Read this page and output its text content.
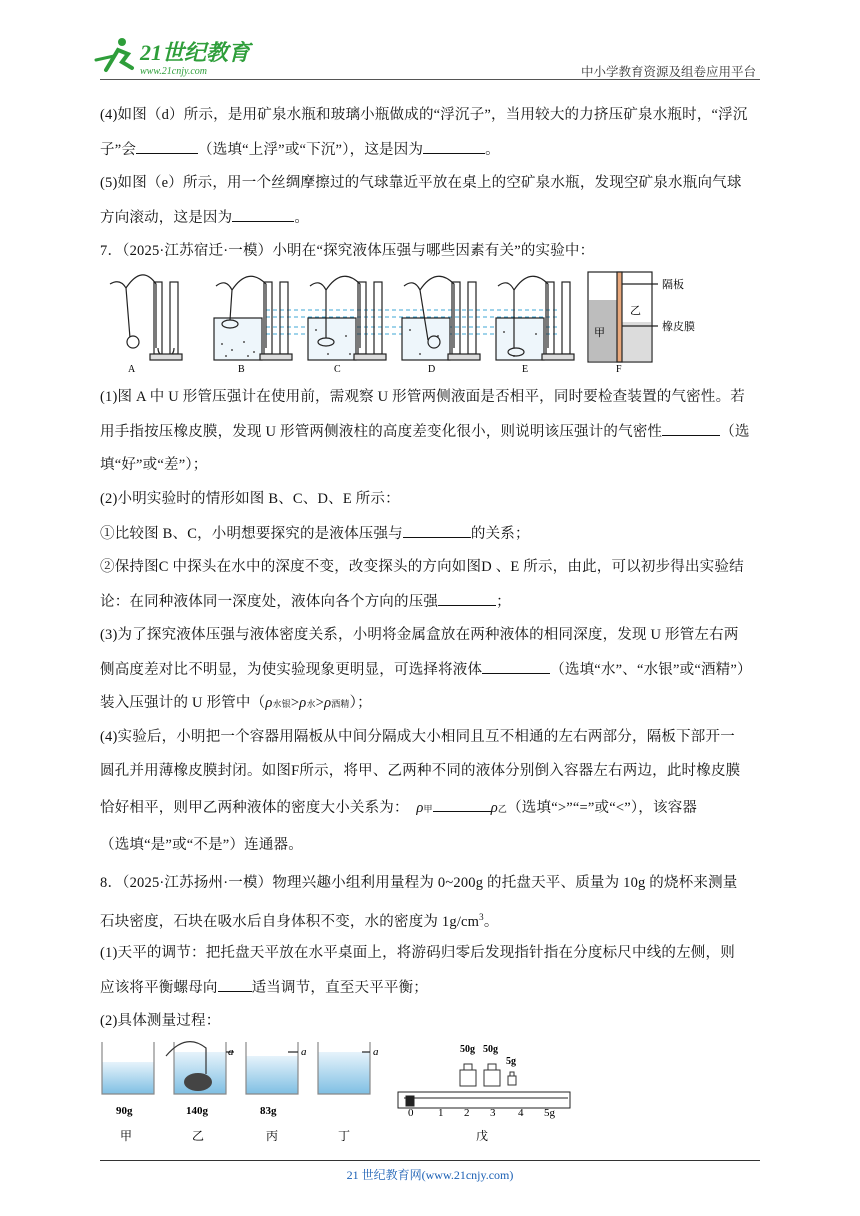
21世纪教育
www.21cnjy.com	中小学教育资源及组卷应用平台
(4)如图（d）所示，是用矿泉水瓶和玻璃小瓶做成的“浮沉子”，当用较大的力挤压矿泉水瓶时，“浮沉
子”会	（选填“上浮”或“下沉”），这是因为	。
(5)如图（e）所示，用一个丝绸摩擦过的气球靠近平放在桌上的空矿泉水瓶，发现空矿泉水瓶向气球
方向滚动，这是因为	。
7．（2025·江苏宿迁·一模）小明在“探究液体压强与哪些因素有关”的实验中：
隔板
乙
橡皮膜
甲
A	B	C	D	E	F
(1)图 A 中 U 形管压强计在使用前，需观察 U 形管两侧液面是否相平，同时要检查装置的气密性。若
用手指按压橡皮膜，发现 U 形管两侧液柱的高度差变化很小，则说明该压强计的气密性	（选
填“好”或“差”）；
(2)小明实验时的情形如图 B、C、D、E 所示：
①比较图 B、C，小明想要探究的是液体压强与	的关系；
②保持图C 中探头在水中的深度不变，改变探头的方向如图D 、E 所示，由此，可以初步得出实验结
论：在同种液体同一深度处，液体向各个方向的压强	；
(3)为了探究液体压强与液体密度关系，小明将金属盒放在两种液体的相同深度，发现 U 形管左右两
侧高度差对比不明显，为使实验现象更明显，可选择将液体	（选填“水”、“水银”或“酒精”）
装入压强计的 U 形管中（ρ水银>ρ水>ρ酒精）；
(4)实验后，小明把一个容器用隔板从中间分隔成大小相同且互不相通的左右两部分，隔板下部开一
圆孔并用薄橡皮膜封闭。如图F所示，将甲、乙两种不同的液体分别倒入容器左右两边，此时橡皮膜
恰好相平，则甲乙两种液体的密度大小关系为： ρ甲	ρ乙（选填“>”“=”或“<”），该容器
（选填“是”或“不是”）连通器。
8．（2025·江苏扬州·一模）物理兴趣小组利用量程为 0~200g 的托盘天平、质量为 10g 的烧杯来测量
石块密度，石块在吸水后自身体积不变，水的密度为 $1g/cm^3$。
(1)天平的调节：把托盘天平放在水平桌面上，将游码归零后发现指针指在分度标尺中线的左侧，则
应该将平衡螺母向 适当调节，直至天平平衡；
(2)具体测量过程：
a	a	a
90g	140g	83g
甲	乙	丙	丁
50g 50g
5g
0 1 2 3 4 5g
戊
21 世纪教育网(www.21cnjy.com)
